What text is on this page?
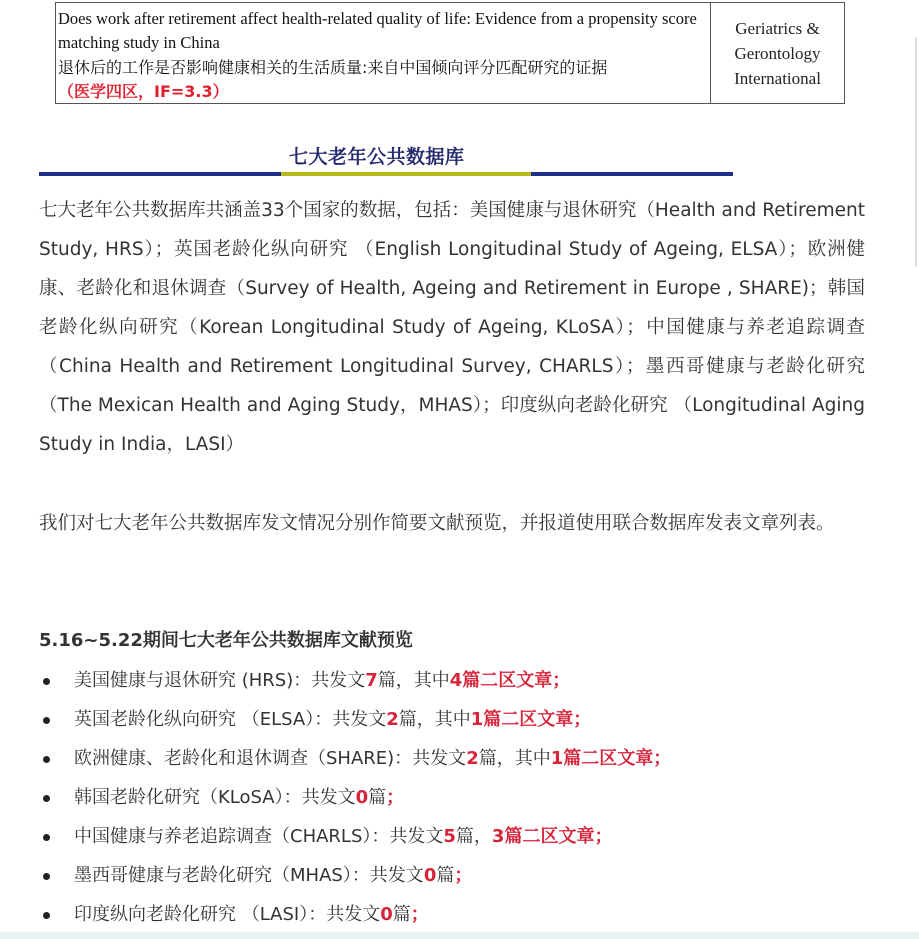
Does work after retirement affect health-related quality of life: Evidence from a propensity score matching study in China
退休后的工作是否影响健康相关的生活质量:来自中国倾向评分匹配研究的证据
（医学四区，IF=3.3）
Geriatrics &
Gerontology
International
七大老年公共数据库
七大老年公共数据库共涵盖33个国家的数据，包括：美国健康与退休研究（Health and Retirement Study, HRS）；英国老龄化纵向研究 （English Longitudinal Study of Ageing, ELSA）；欧洲健康、老龄化和退休调查（Survey of Health, Ageing and Retirement in Europe , SHARE)；韩国老龄化纵向研究（Korean Longitudinal Study of Ageing, KLoSA）；中国健康与养老追踪调查（China Health and Retirement Longitudinal Survey, CHARLS）；墨西哥健康与老龄化研究（The Mexican Health and Aging Study，MHAS）；印度纵向老龄化研究 （Longitudinal Aging Study in India，LASI）
我们对七大老年公共数据库发文情况分别作简要文献预览，并报道使用联合数据库发表文章列表。
5.16~5.22期间七大老年公共数据库文献预览
美国健康与退休研究 (HRS)：共发文7篇，其中4篇二区文章；
英国老龄化纵向研究 （ELSA）：共发文2篇，其中1篇二区文章；
欧洲健康、老龄化和退休调查（SHARE)：共发文2篇，其中1篇二区文章；
韩国老龄化研究（KLoSA）：共发文0篇；
中国健康与养老追踪调查（CHARLS）：共发文5篇，3篇二区文章；
墨西哥健康与老龄化研究（MHAS）：共发文0篇；
印度纵向老龄化研究 （LASI）：共发文0篇；
